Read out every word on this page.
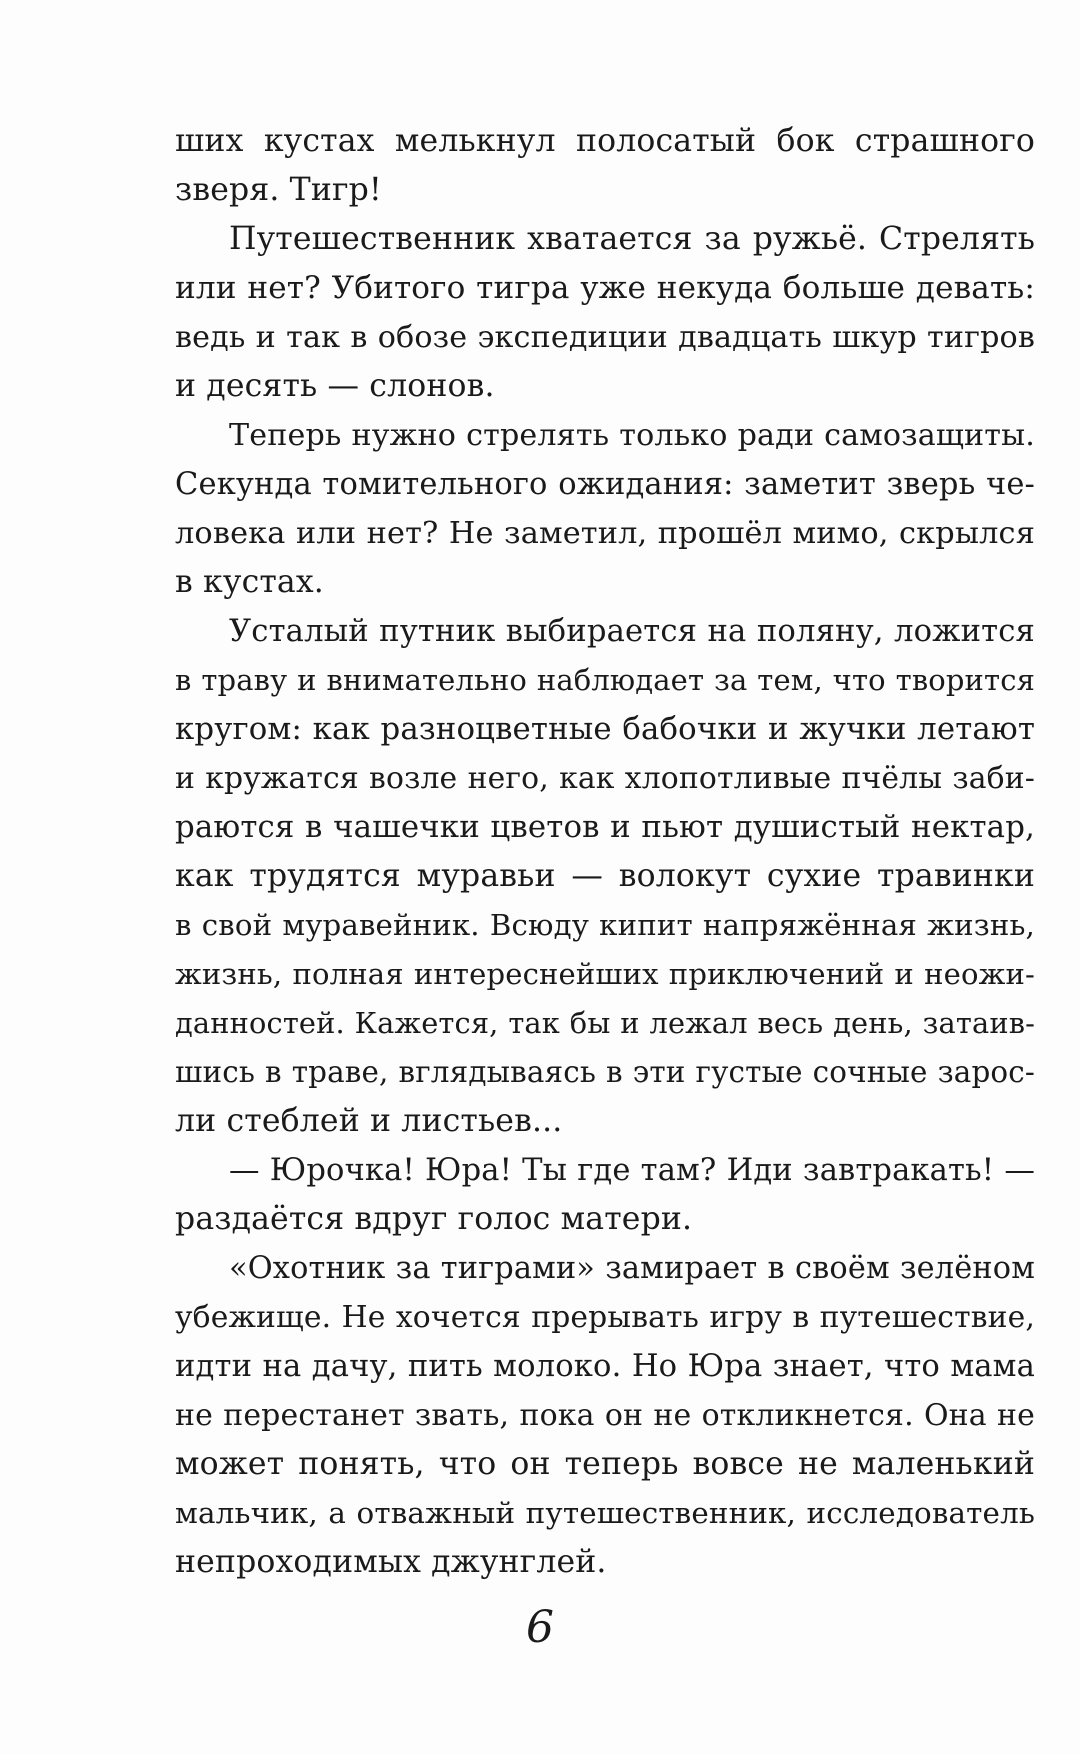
ших кустах мелькнул полосатый бок страшного
зверя. Тигр!
Путешественник хватается за ружьё. Стрелять
или нет? Убитого тигра уже некуда больше девать:
ведь и так в обозе экспедиции двадцать шкур тигров
и десять — слонов.
Теперь нужно стрелять только ради самозащиты.
Секунда томительного ожидания: заметит зверь че-
ловека или нет? Не заметил, прошёл мимо, скрылся
в кустах.
Усталый путник выбирается на поляну, ложится
в траву и внимательно наблюдает за тем, что творится
кругом: как разноцветные бабочки и жучки летают
и кружатся возле него, как хлопотливые пчёлы заби-
раются в чашечки цветов и пьют душистый нектар,
как трудятся муравьи — волокут сухие травинки
в свой муравейник. Всюду кипит напряжённая жизнь,
жизнь, полная интереснейших приключений и неожи-
данностей. Кажется, так бы и лежал весь день, затаив-
шись в траве, вглядываясь в эти густые сочные зарос-
ли стеблей и листьев...
— Юрочка! Юра! Ты где там? Иди завтракать! —
раздаётся вдруг голос матери.
«Охотник за тиграми» замирает в своём зелёном
убежище. Не хочется прерывать игру в путешествие,
идти на дачу, пить молоко. Но Юра знает, что мама
не перестанет звать, пока он не откликнется. Она не
может понять, что он теперь вовсе не маленький
мальчик, а отважный путешественник, исследователь
непроходимых джунглей.
6
